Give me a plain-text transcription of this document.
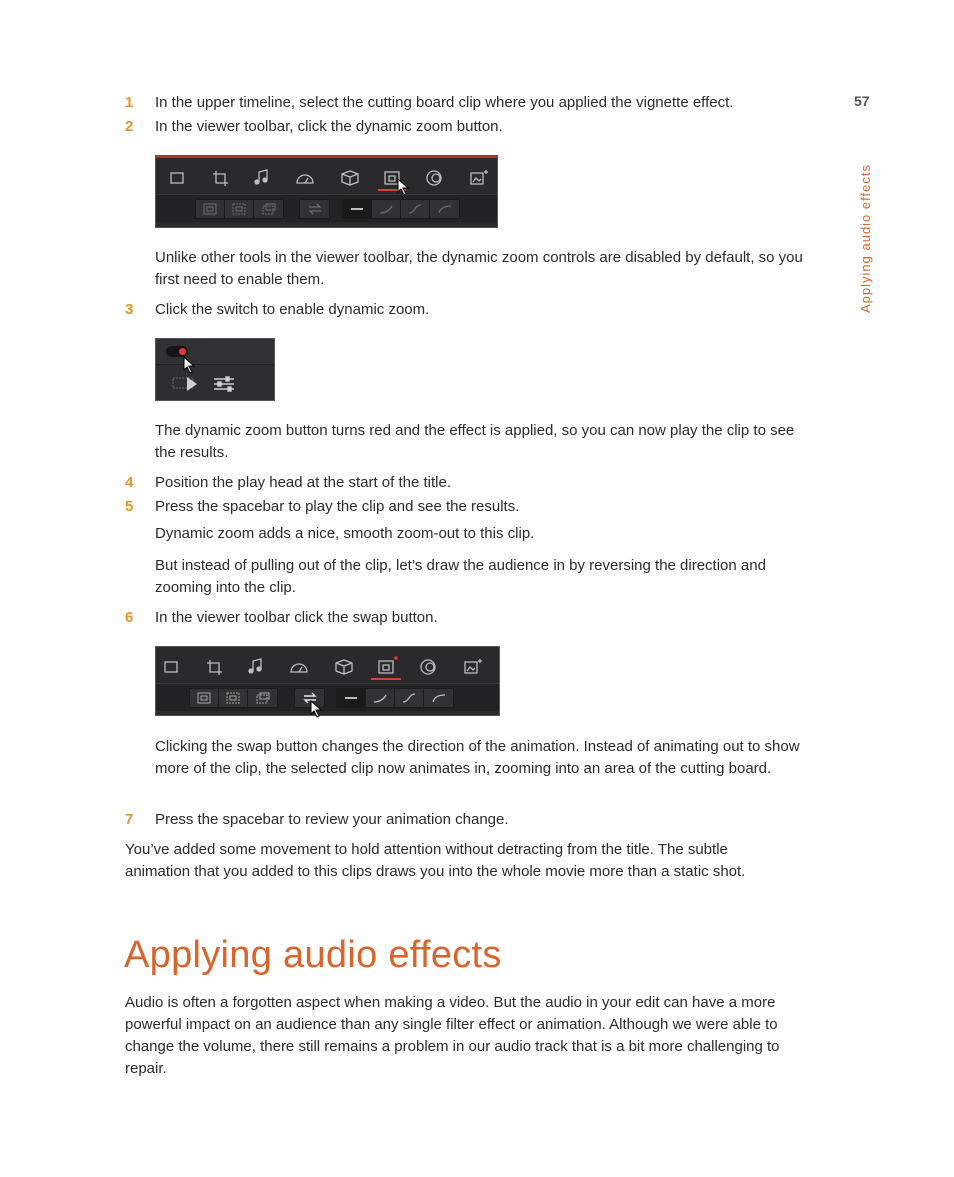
57
Applying audio effects
1 In the upper timeline, select the cutting board clip where you applied the vignette effect.
2 In the viewer toolbar, click the dynamic zoom button.
Unlike other tools in the viewer toolbar, the dynamic zoom controls are disabled by default, so you first need to enable them.
3 Click the switch to enable dynamic zoom.
The dynamic zoom button turns red and the effect is applied, so you can now play the clip to see the results.
4 Position the play head at the start of the title.
5 Press the spacebar to play the clip and see the results.
Dynamic zoom adds a nice, smooth zoom-out to this clip.
But instead of pulling out of the clip, let’s draw the audience in by reversing the direction and zooming into the clip.
6 In the viewer toolbar click the swap button.
Clicking the swap button changes the direction of the animation. Instead of animating out to show more of the clip, the selected clip now animates in, zooming into an area of the cutting board.
7 Press the spacebar to review your animation change.
You’ve added some movement to hold attention without detracting from the title. The subtle animation that you added to this clips draws you into the whole movie more than a static shot.
Applying audio effects
Audio is often a forgotten aspect when making a video. But the audio in your edit can have a more powerful impact on an audience than any single filter effect or animation. Although we were able to change the volume, there still remains a problem in our audio track that is a bit more challenging to repair.
